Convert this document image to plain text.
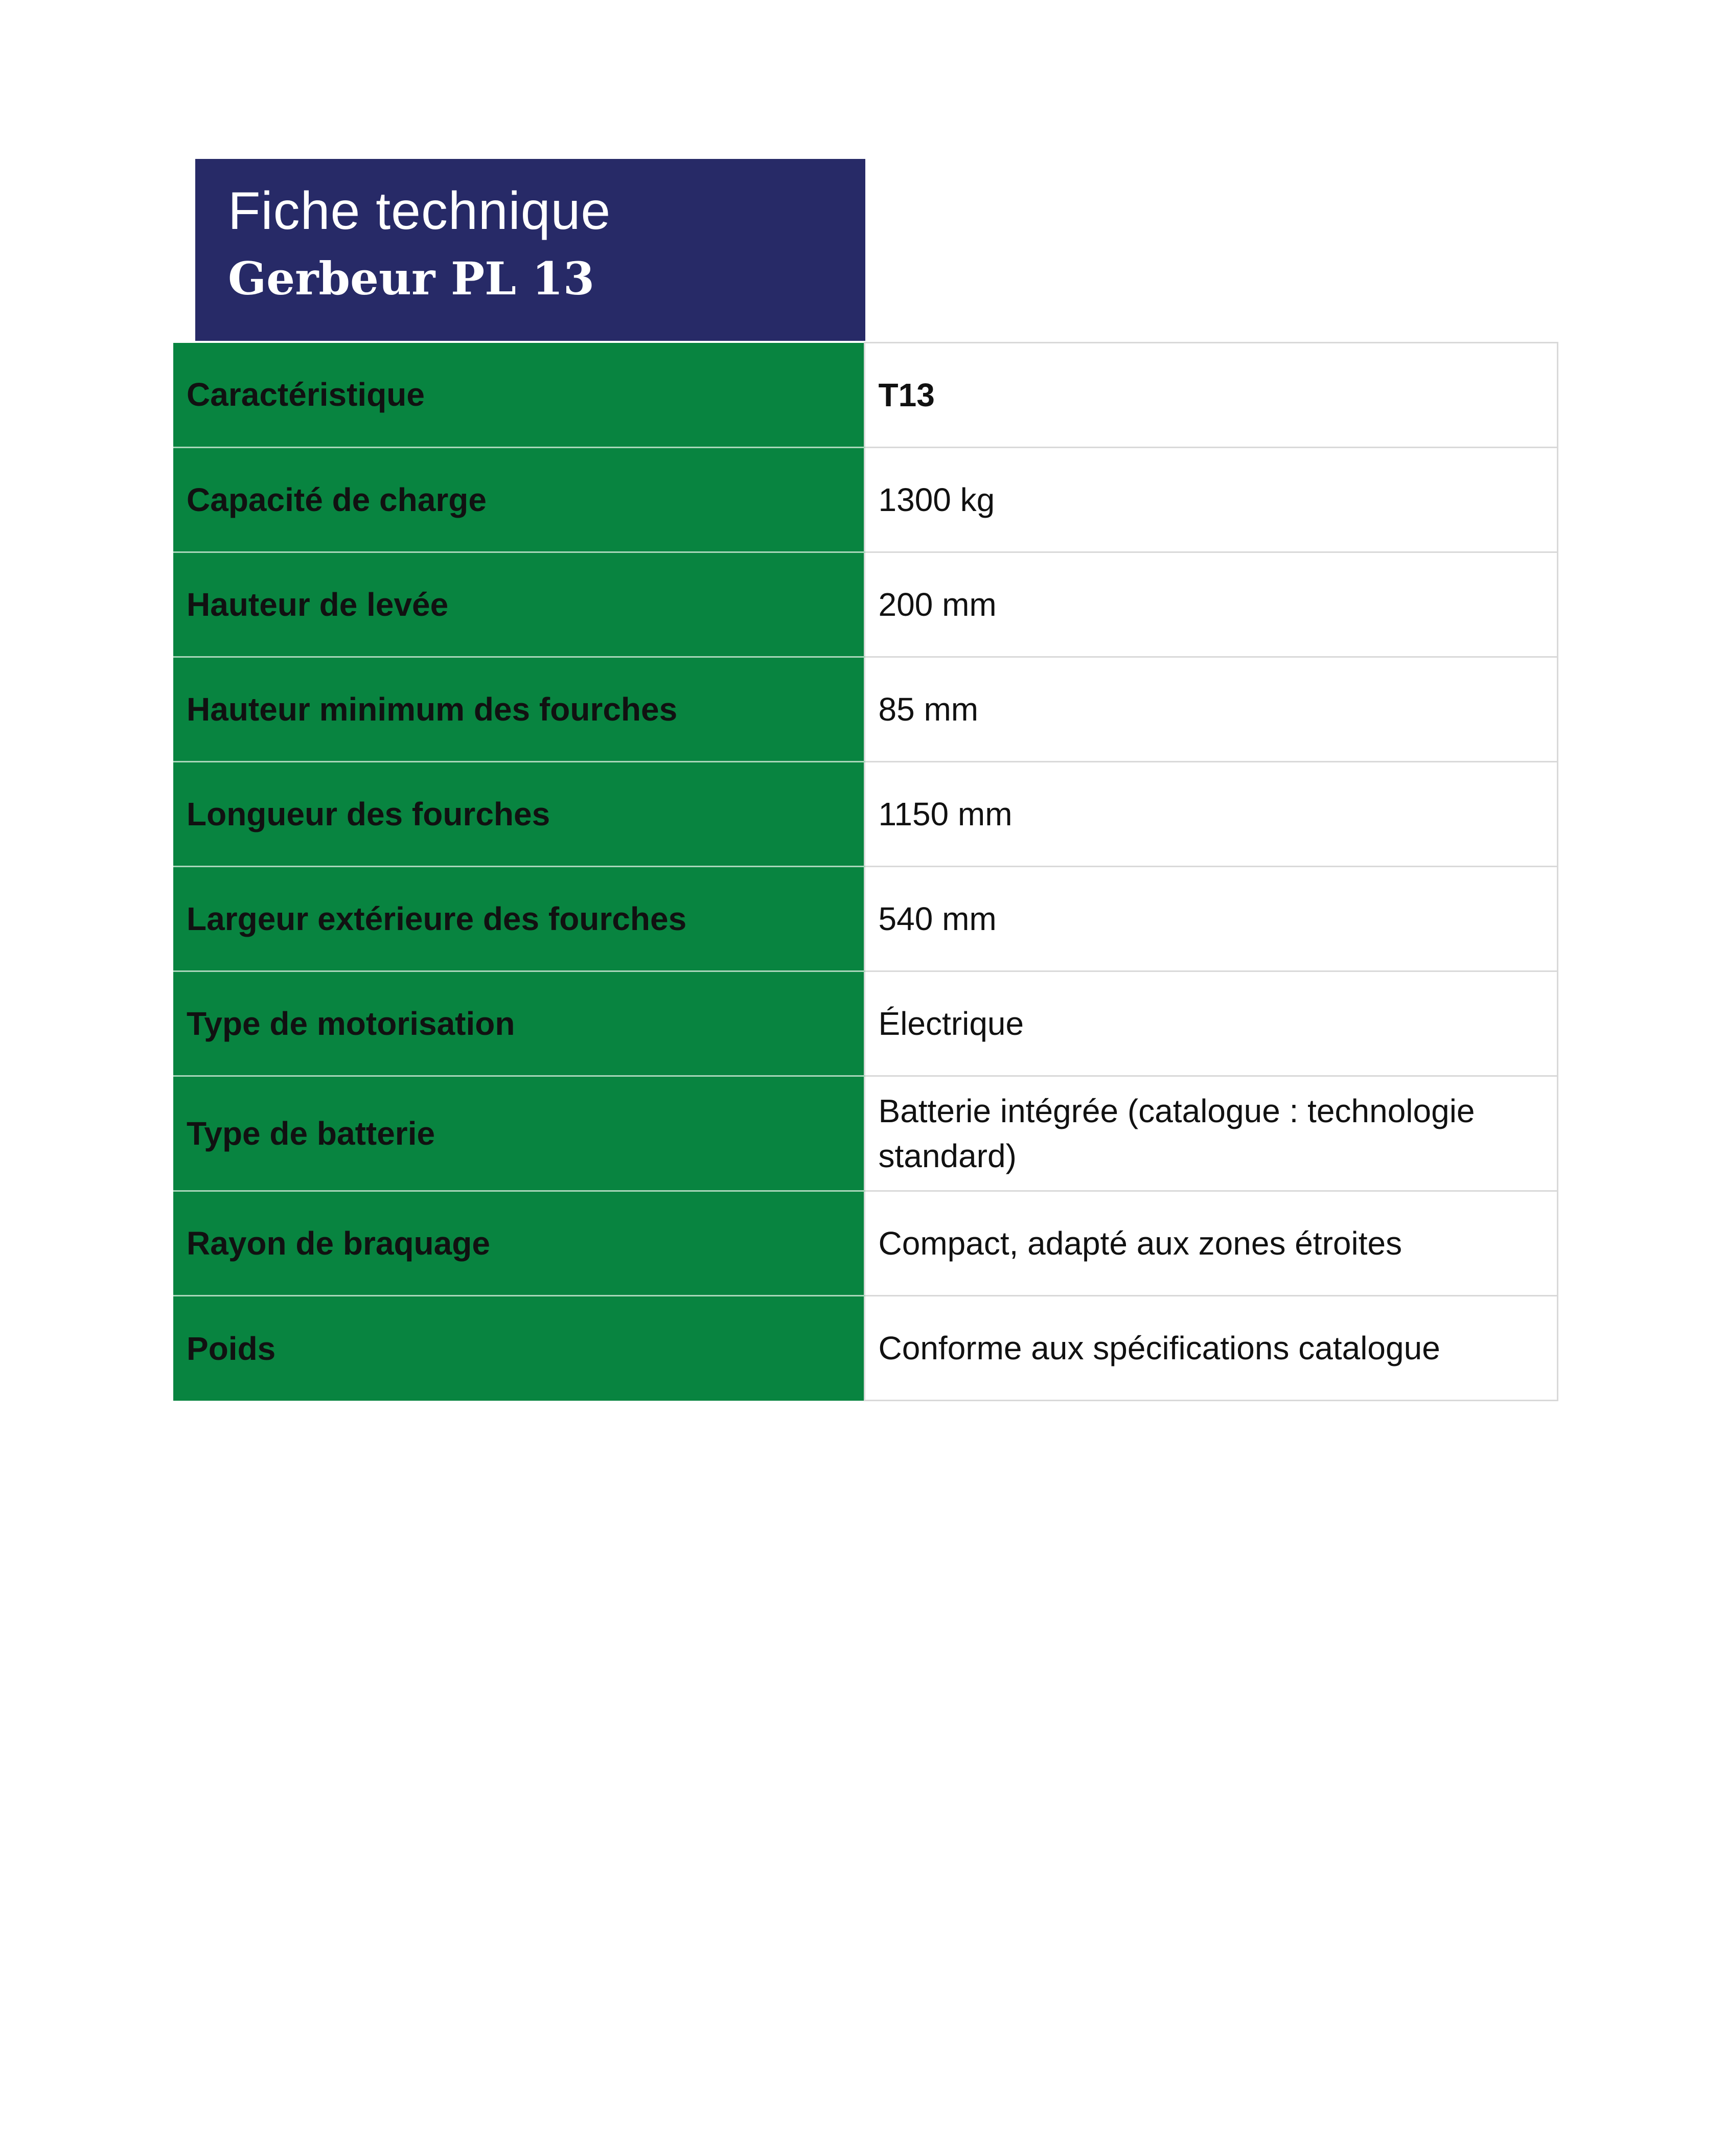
Fiche technique
Gerbeur PL 13
Caractéristique	T13
Capacité de charge	1300 kg
Hauteur de levée	200 mm
Hauteur minimum des fourches	85 mm
Longueur des fourches	1150 mm
Largeur extérieure des fourches	540 mm
Type de motorisation	Électrique
Type de batterie	Batterie intégrée (catalogue : technologie standard)
Rayon de braquage	Compact, adapté aux zones étroites
Poids	Conforme aux spécifications catalogue
